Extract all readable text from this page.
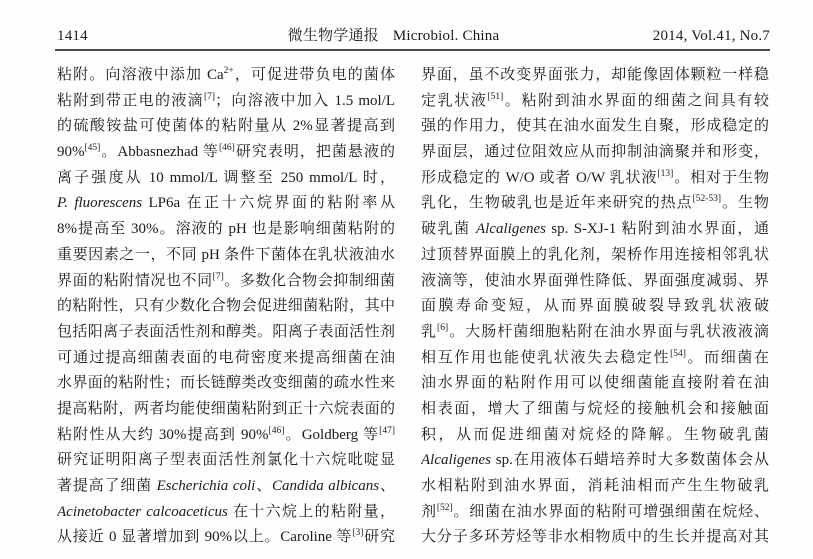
1414	微生物学通报 Microbiol. China	2014, Vol.41, No.7
粘附。向溶液中添加 $Ca^{2+}$，可促进带负电的菌体
粘附到带正电的液滴[7]；向溶液中加入 1.5 mol/L
的硫酸铵盐可使菌体的粘附量从 2%显著提高到
90%[45]。Abbasnezhad 等[46]研究表明，把菌悬液的
离子强度从 10 mmol/L 调整至 250 mmol/L 时，
P. fluorescens LP6a 在正十六烷界面的粘附率从
8%提高至 30%。溶液的 pH 也是影响细菌粘附的
重要因素之一，不同 pH 条件下菌体在乳状液油水
界面的粘附情况也不同[7]。多数化合物会抑制细菌
的粘附性，只有少数化合物会促进细菌粘附，其中
包括阳离子表面活性剂和醇类。阳离子表面活性剂
可通过提高细菌表面的电荷密度来提高细菌在油
水界面的粘附性；而长链醇类改变细菌的疏水性来
提高粘附，两者均能使细菌粘附到正十六烷表面的
粘附性从大约 30%提高到 90%[46]。Goldberg 等[47]
研究证明阳离子型表面活性剂氯化十六烷吡啶显
著提高了细菌 Escherichia coli、Candida albicans、
Acinetobacter calcoaceticus 在十六烷上的粘附量，
从接近 0 显著增加到 90%以上。Caroline 等[3]研究
界面，虽不改变界面张力，却能像固体颗粒一样稳
定乳状液[51]。粘附到油水界面的细菌之间具有较
强的作用力，使其在油水面发生自聚，形成稳定的
界面层，通过位阻效应从而抑制油滴聚并和形变，
形成稳定的 W/O 或者 O/W 乳状液[13]。相对于生物
乳化，生物破乳也是近年来研究的热点[52-53]。生物
破乳菌 Alcaligenes sp. S-XJ-1 粘附到油水界面，通
过顶替界面膜上的乳化剂，架桥作用连接相邻乳状
液滴等，使油水界面弹性降低、界面强度减弱、界
面膜寿命变短，从而界面膜破裂导致乳状液破
乳[6]。大肠杆菌细胞粘附在油水界面与乳状液液滴
相互作用也能使乳状液失去稳定性[54]。而细菌在
油水界面的粘附作用可以使细菌能直接附着在油
相表面，增大了细菌与烷烃的接触机会和接触面
积，从而促进细菌对烷烃的降解。生物破乳菌
Alcaligenes sp.在用液体石蜡培养时大多数菌体会从
水相粘附到油水界面，消耗油相而产生生物破乳
剂[52]。细菌在油水界面的粘附可增强细菌在烷烃、
大分子多环芳烃等非水相物质中的生长并提高对其
